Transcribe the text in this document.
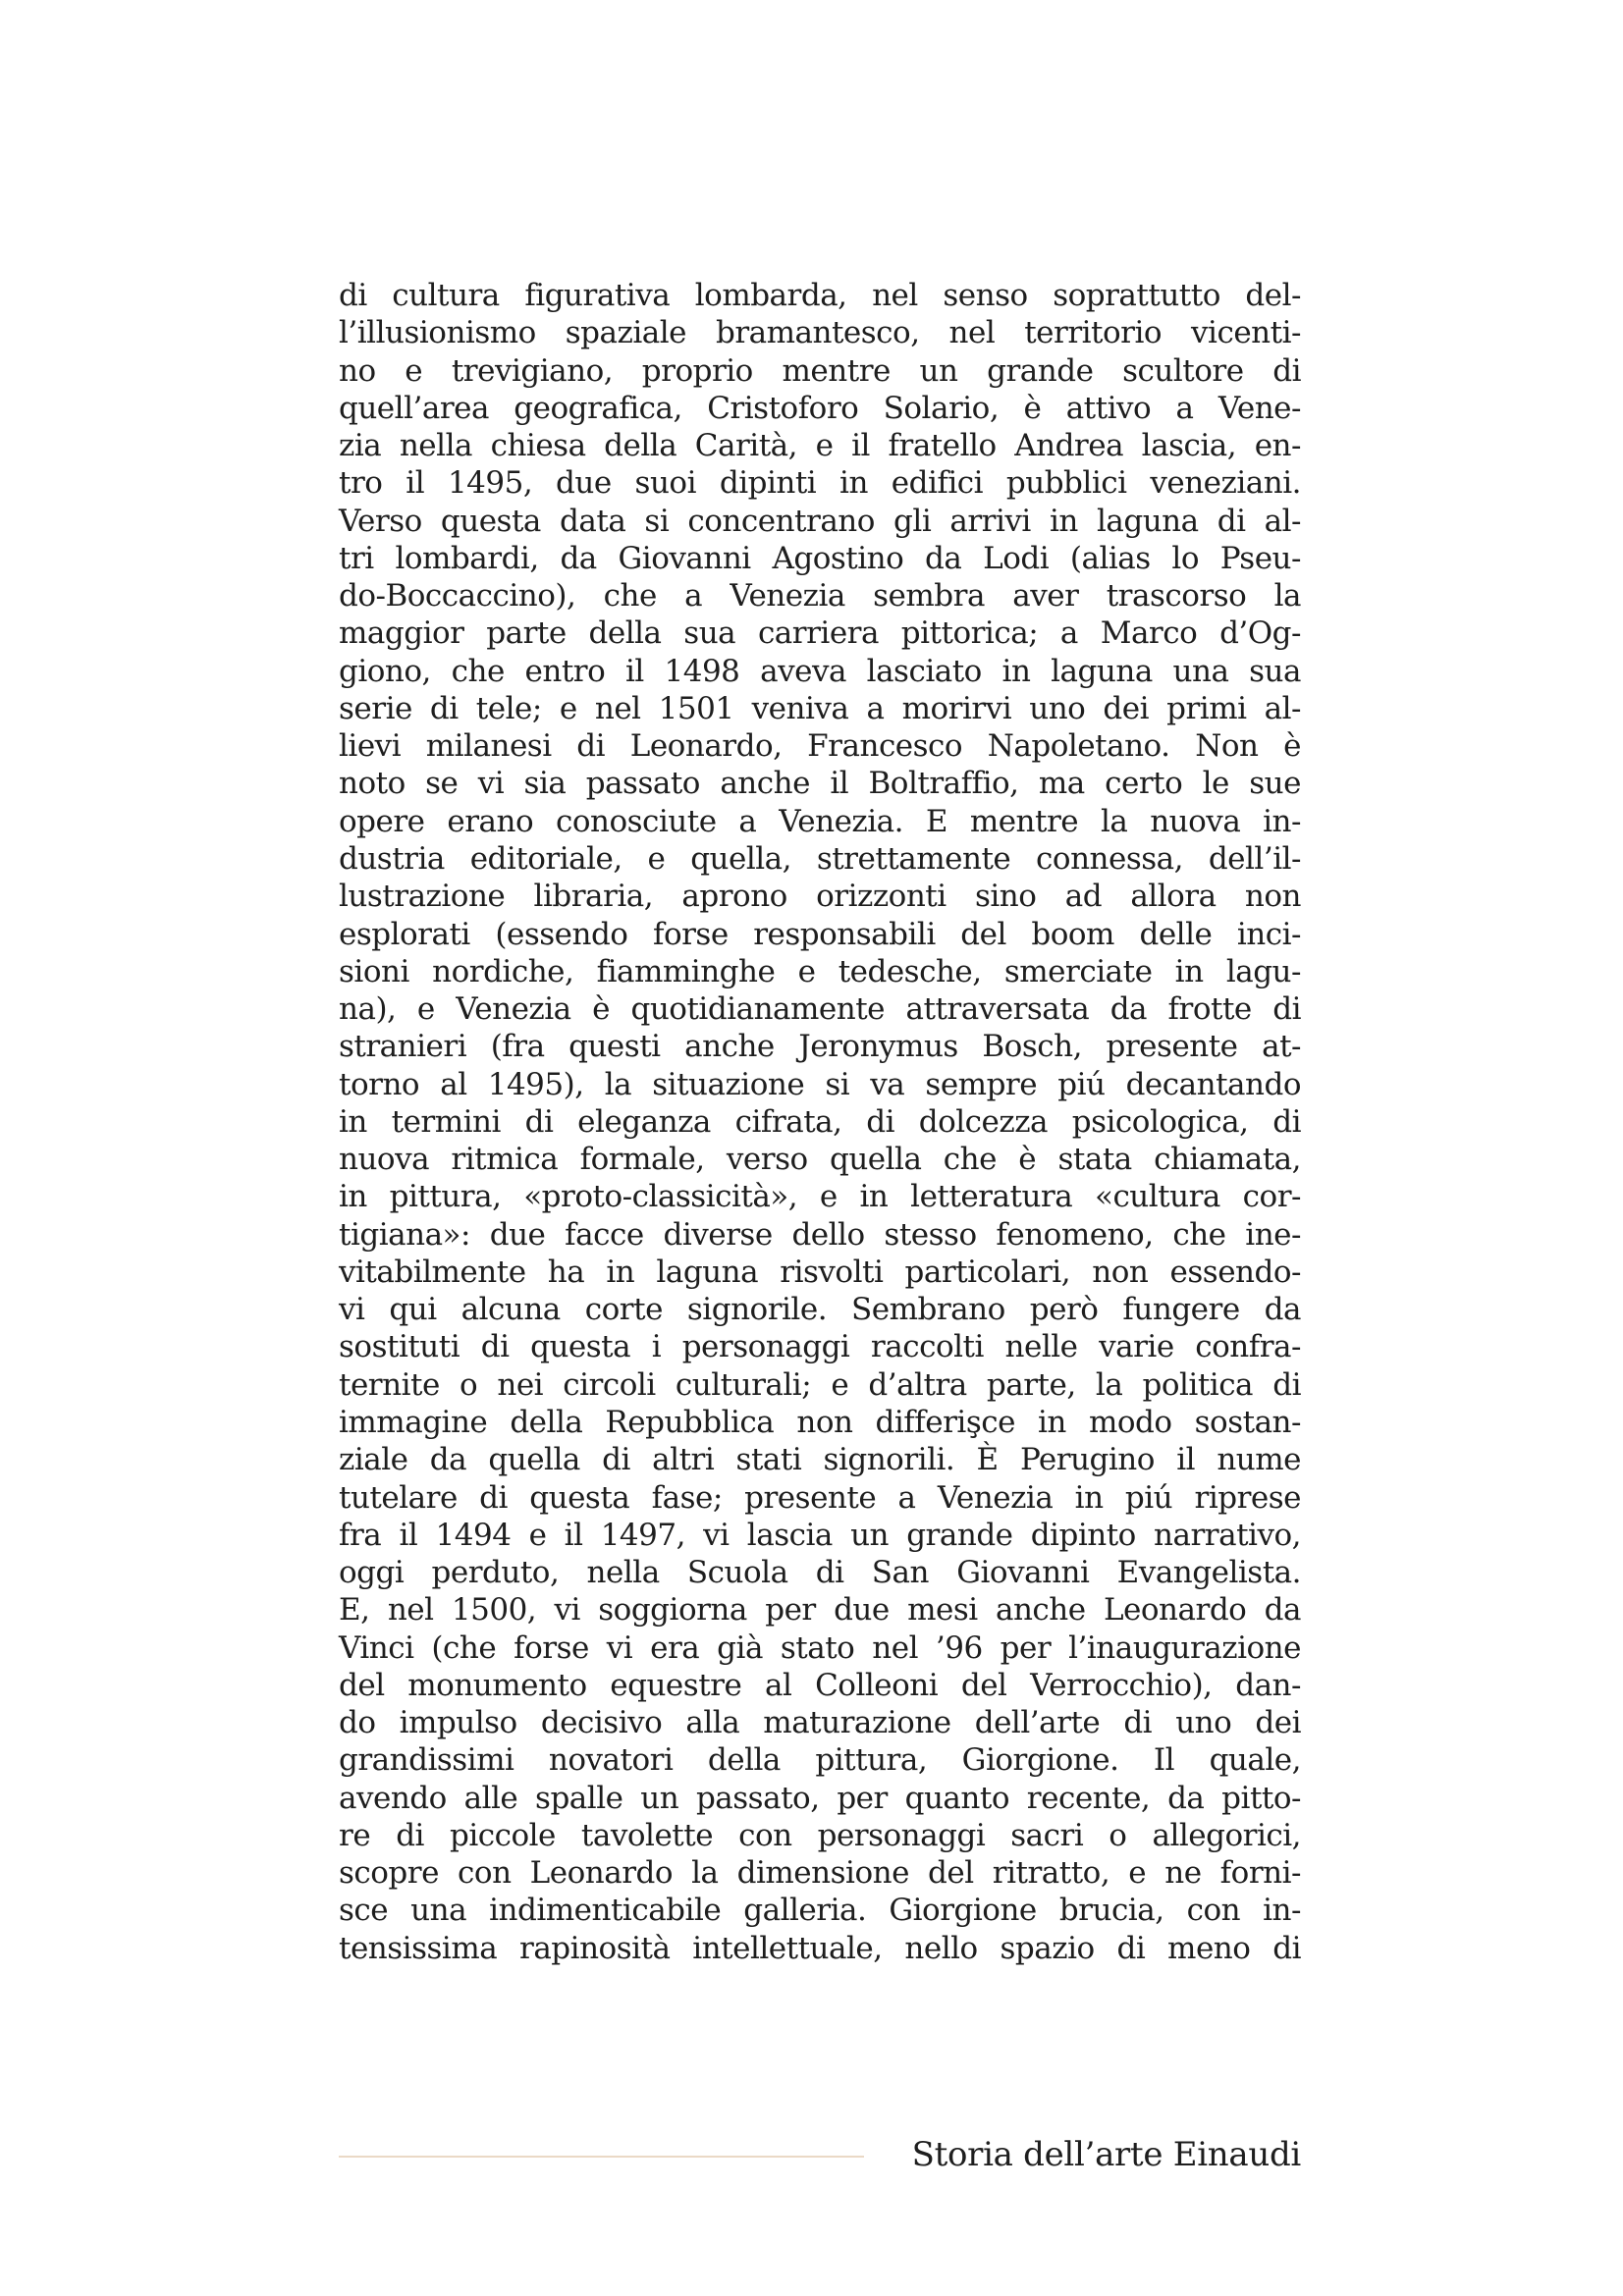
di cultura figurativa lombarda, nel senso soprattutto del-
l’illusionismo spaziale bramantesco, nel territorio vicenti-
no e trevigiano, proprio mentre un grande scultore di
quell’area geografica, Cristoforo Solario, è attivo a Vene-
zia nella chiesa della Carità, e il fratello Andrea lascia, en-
tro il 1495, due suoi dipinti in edifici pubblici veneziani.
Verso questa data si concentrano gli arrivi in laguna di al-
tri lombardi, da Giovanni Agostino da Lodi (alias lo Pseu-
do-Boccaccino), che a Venezia sembra aver trascorso la
maggior parte della sua carriera pittorica; a Marco d’Og-
giono, che entro il 1498 aveva lasciato in laguna una sua
serie di tele; e nel 1501 veniva a morirvi uno dei primi al-
lievi milanesi di Leonardo, Francesco Napoletano. Non è
noto se vi sia passato anche il Boltraffio, ma certo le sue
opere erano conosciute a Venezia. E mentre la nuova in-
dustria editoriale, e quella, strettamente connessa, dell’il-
lustrazione libraria, aprono orizzonti sino ad allora non
esplorati (essendo forse responsabili del boom delle inci-
sioni nordiche, fiamminghe e tedesche, smerciate in lagu-
na), e Venezia è quotidianamente attraversata da frotte di
stranieri (fra questi anche Jeronymus Bosch, presente at-
torno al 1495), la situazione si va sempre piú decantando
in termini di eleganza cifrata, di dolcezza psicologica, di
nuova ritmica formale, verso quella che è stata chiamata,
in pittura, «proto-classicità», e in letteratura «cultura cor-
tigiana»: due facce diverse dello stesso fenomeno, che ine-
vitabilmente ha in laguna risvolti particolari, non essendo-
vi qui alcuna corte signorile. Sembrano però fungere da
sostituti di questa i personaggi raccolti nelle varie confra-
ternite o nei circoli culturali; e d’altra parte, la politica di
immagine della Repubblica non differişce in modo sostan-
ziale da quella di altri stati signorili. È Perugino il nume
tutelare di questa fase; presente a Venezia in piú riprese
fra il 1494 e il 1497, vi lascia un grande dipinto narrativo,
oggi perduto, nella Scuola di San Giovanni Evangelista.
E, nel 1500, vi soggiorna per due mesi anche Leonardo da
Vinci (che forse vi era già stato nel ’96 per l’inaugurazione
del monumento equestre al Colleoni del Verrocchio), dan-
do impulso decisivo alla maturazione dell’arte di uno dei
grandissimi novatori della pittura, Giorgione. Il quale,
avendo alle spalle un passato, per quanto recente, da pitto-
re di piccole tavolette con personaggi sacri o allegorici,
scopre con Leonardo la dimensione del ritratto, e ne forni-
sce una indimenticabile galleria. Giorgione brucia, con in-
tensissima rapinosità intellettuale, nello spazio di meno di
Storia dell’arte Einaudi
